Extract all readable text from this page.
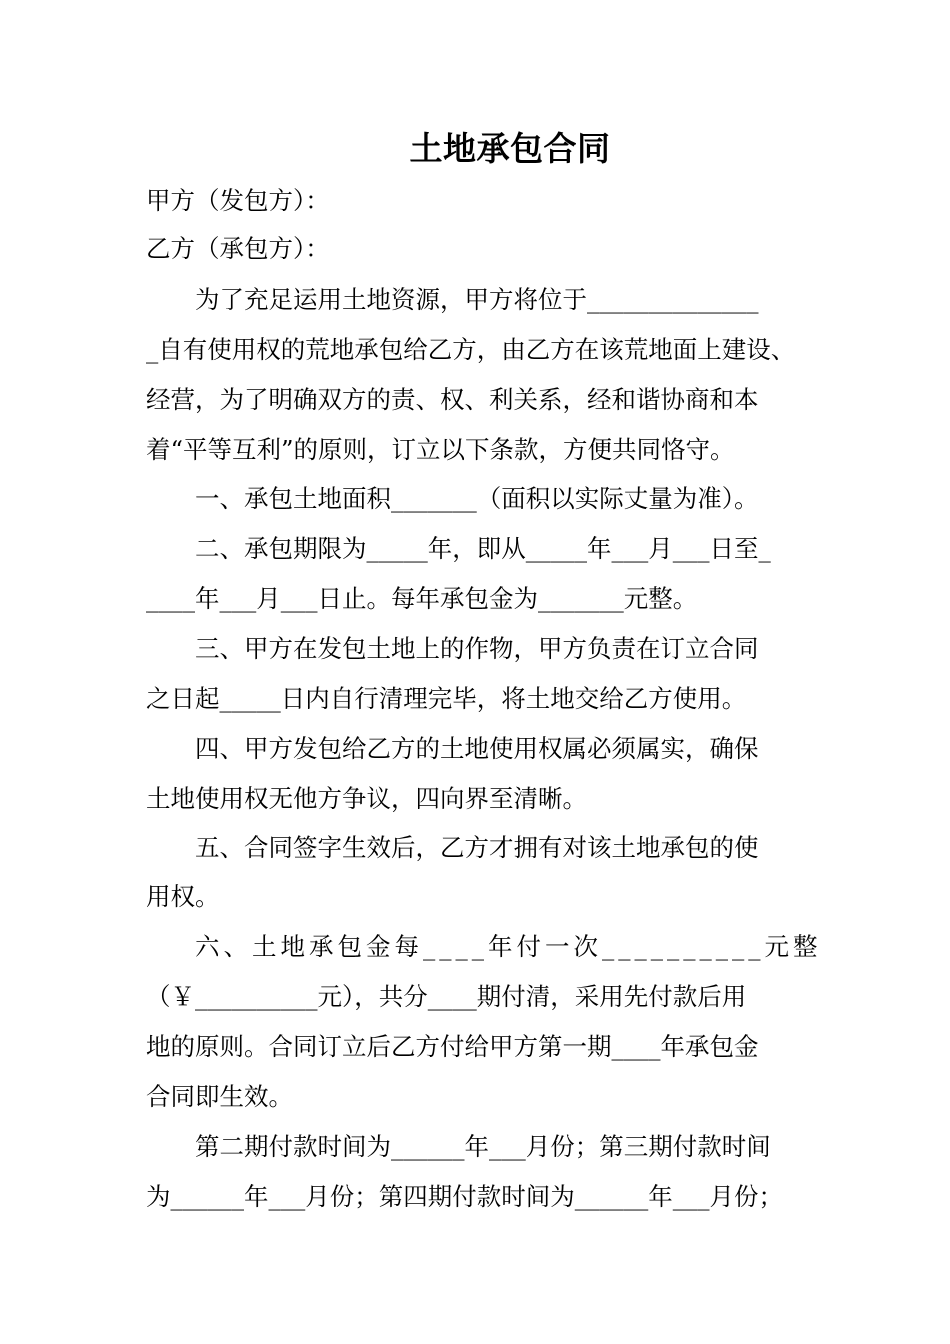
土地承包合同

甲方（发包方）：

乙方（承包方）：

为了充足运用土地资源，甲方将位于______________

_自有使用权的荒地承包给乙方，由乙方在该荒地面上建设、

经营，为了明确双方的责、权、利关系，经和谐协商和本

着“平等互利”的原则，订立以下条款，方便共同恪守。

一、承包土地面积_______（面积以实际丈量为准）。

二、承包期限为_____年，即从_____年___月___日至_

____年___月___日止。每年承包金为_______元整。

三、甲方在发包土地上的作物，甲方负责在订立合同

之日起_____日内自行清理完毕，将土地交给乙方使用。

四、甲方发包给乙方的土地使用权属必须属实，确保

土地使用权无他方争议，四向界至清晰。

五、合同签字生效后，乙方才拥有对该土地承包的使

用权。

六、土地承包金每____年付一次__________元整

（￥__________元），共分____期付清，采用先付款后用

地的原则。合同订立后乙方付给甲方第一期____年承包金

合同即生效。

第二期付款时间为______年___月份；第三期付款时间

为______年___月份；第四期付款时间为______年___月份；
